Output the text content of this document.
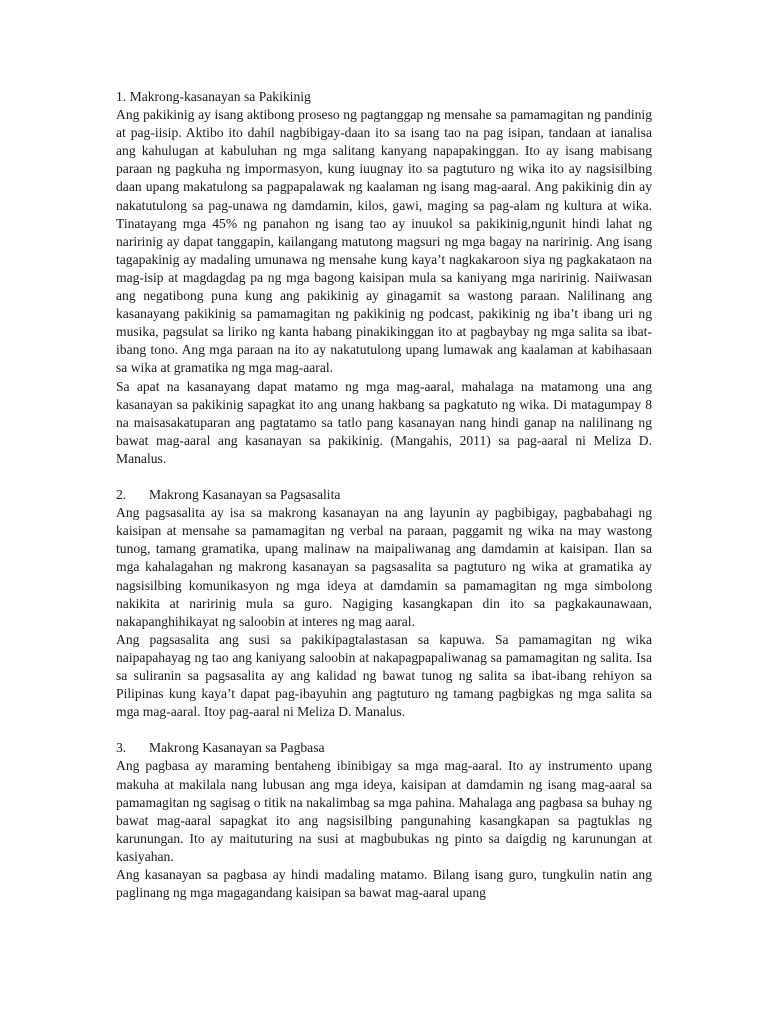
1. Makrong-kasanayan sa Pakikinig

Ang pakikinig ay isang aktibong proseso ng pagtanggap ng mensahe sa pamamagitan ng pandinig at pag-iisip. Aktibo ito dahil nagbibigay-daan ito sa isang tao na pag isipan, tandaan at ianalisa ang kahulugan at kabuluhan ng mga salitang kanyang napapakinggan. Ito ay isang mabisang paraan ng pagkuha ng impormasyon, kung iuugnay ito sa pagtuturo ng wika ito ay nagsisilbing daan upang makatulong sa pagpapalawak ng kaalaman ng isang mag-aaral. Ang pakikinig din ay nakatutulong sa pag-unawa ng damdamin, kilos, gawi, maging sa pag-alam ng kultura at wika. Tinatayang mga 45% ng panahon ng isang tao ay inuukol sa pakikinig,ngunit hindi lahat ng naririnig ay dapat tanggapin, kailangang matutong magsuri ng mga bagay na naririnig. Ang isang tagapakinig ay madaling umunawa ng mensahe kung kaya’t nagkakaroon siya ng pagkakataon na mag-isip at magdagdag pa ng mga bagong kaisipan mula sa kaniyang mga naririnig. Naiiwasan ang negatibong puna kung ang pakikinig ay ginagamit sa wastong paraan. Nalilinang ang kasanayang pakikinig sa pamamagitan ng pakikinig ng podcast, pakikinig ng iba’t ibang uri ng musika, pagsulat sa liriko ng kanta habang pinakikinggan ito at pagbaybay ng mga salita sa ibat-ibang tono. Ang mga paraan na ito ay nakatutulong upang lumawak ang kaalaman at kabihasaan sa wika at gramatika ng mga mag-aaral.

Sa apat na kasanayang dapat matamo ng mga mag-aaral, mahalaga na matamong una ang kasanayan sa pakikinig sapagkat ito ang unang hakbang sa pagkatuto ng wika. Di matagumpay 8 na maisasakatuparan ang pagtatamo sa tatlo pang kasanayan nang hindi ganap na nalilinang ng bawat mag-aaral ang kasanayan sa pakikinig. (Mangahis, 2011) sa pag-aaral ni Meliza D. Manalus.

2. Makrong Kasanayan sa Pagsasalita

Ang pagsasalita ay isa sa makrong kasanayan na ang layunin ay pagbibigay, pagbabahagi ng kaisipan at mensahe sa pamamagitan ng verbal na paraan, paggamit ng wika na may wastong tunog, tamang gramatika, upang malinaw na maipaliwanag ang damdamin at kaisipan. Ilan sa mga kahalagahan ng makrong kasanayan sa pagsasalita sa pagtuturo ng wika at gramatika ay nagsisilbing komunikasyon ng mga ideya at damdamin sa pamamagitan ng mga simbolong nakikita at naririnig mula sa guro. Nagiging kasangkapan din ito sa pagkakaunawaan, nakapanghihikayat ng saloobin at interes ng mag aaral.

Ang pagsasalita ang susi sa pakikipagtalastasan sa kapuwa. Sa pamamagitan ng wika naipapahayag ng tao ang kaniyang saloobin at nakapagpapaliwanag sa pamamagitan ng salita. Isa sa suliranin sa pagsasalita ay ang kalidad ng bawat tunog ng salita sa ibat-ibang rehiyon sa Pilipinas kung kaya’t dapat pag-ibayuhin ang pagtuturo ng tamang pagbigkas ng mga salita sa mga mag-aaral. Itoy pag-aaral ni Meliza D. Manalus.

3. Makrong Kasanayan sa Pagbasa

Ang pagbasa ay maraming bentaheng ibinibigay sa mga mag-aaral. Ito ay instrumento upang makuha at makilala nang lubusan ang mga ideya, kaisipan at damdamin ng isang mag-aaral sa pamamagitan ng sagisag o titik na nakalimbag sa mga pahina. Mahalaga ang pagbasa sa buhay ng bawat mag-aaral sapagkat ito ang nagsisilbing pangunahing kasangkapan sa pagtuklas ng karunungan. Ito ay maituturing na susi at magbubukas ng pinto sa daigdig ng karunungan at kasiyahan.

Ang kasanayan sa pagbasa ay hindi madaling matamo. Bilang isang guro, tungkulin natin ang paglinang ng mga magagandang kaisipan sa bawat mag-aaral upang
